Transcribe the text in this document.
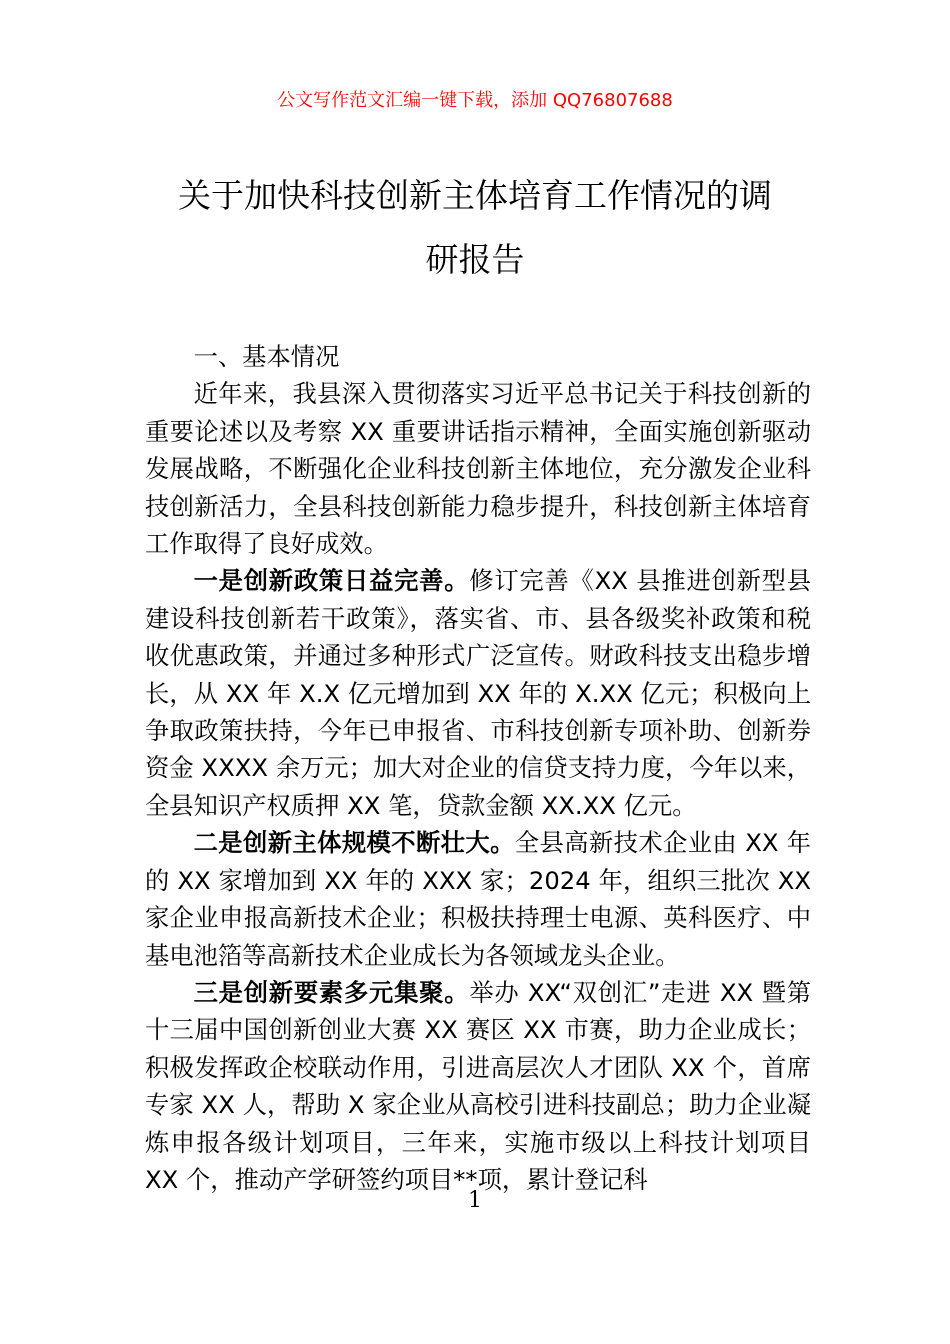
公文写作范文汇编一键下载，添加 QQ76807688
关于加快科技创新主体培育工作情况的调
研报告

一、基本情况

近年来，我县深入贯彻落实习近平总书记关于科技创新的重要论述以及考察 XX 重要讲话指示精神，全面实施创新驱动发展战略，不断强化企业科技创新主体地位，充分激发企业科技创新活力，全县科技创新能力稳步提升，科技创新主体培育工作取得了良好成效。

一是创新政策日益完善。修订完善《XX 县推进创新型县建设科技创新若干政策》，落实省、市、县各级奖补政策和税收优惠政策，并通过多种形式广泛宣传。财政科技支出稳步增长，从 XX 年 X.X 亿元增加到 XX 年的 X.XX 亿元；积极向上争取政策扶持，今年已申报省、市科技创新专项补助、创新券资金 XXXX 余万元；加大对企业的信贷支持力度，今年以来，全县知识产权质押 XX 笔，贷款金额 XX.XX 亿元。

二是创新主体规模不断壮大。全县高新技术企业由 XX 年的 XX 家增加到 XX 年的 XXX 家；2024 年，组织三批次 XX 家企业申报高新技术企业；积极扶持理士电源、英科医疗、中基电池箔等高新技术企业成长为各领域龙头企业。

三是创新要素多元集聚。举办 XX“双创汇”走进 XX 暨第十三届中国创新创业大赛 XX 赛区 XX 市赛，助力企业成长；积极发挥政企校联动作用，引进高层次人才团队 XX 个，首席专家 XX 人，帮助 X 家企业从高校引进科技副总；助力企业凝炼申报各级计划项目，三年来，实施市级以上科技计划项目 XX 个，推动产学研签约项目**项，累计登记科

1
